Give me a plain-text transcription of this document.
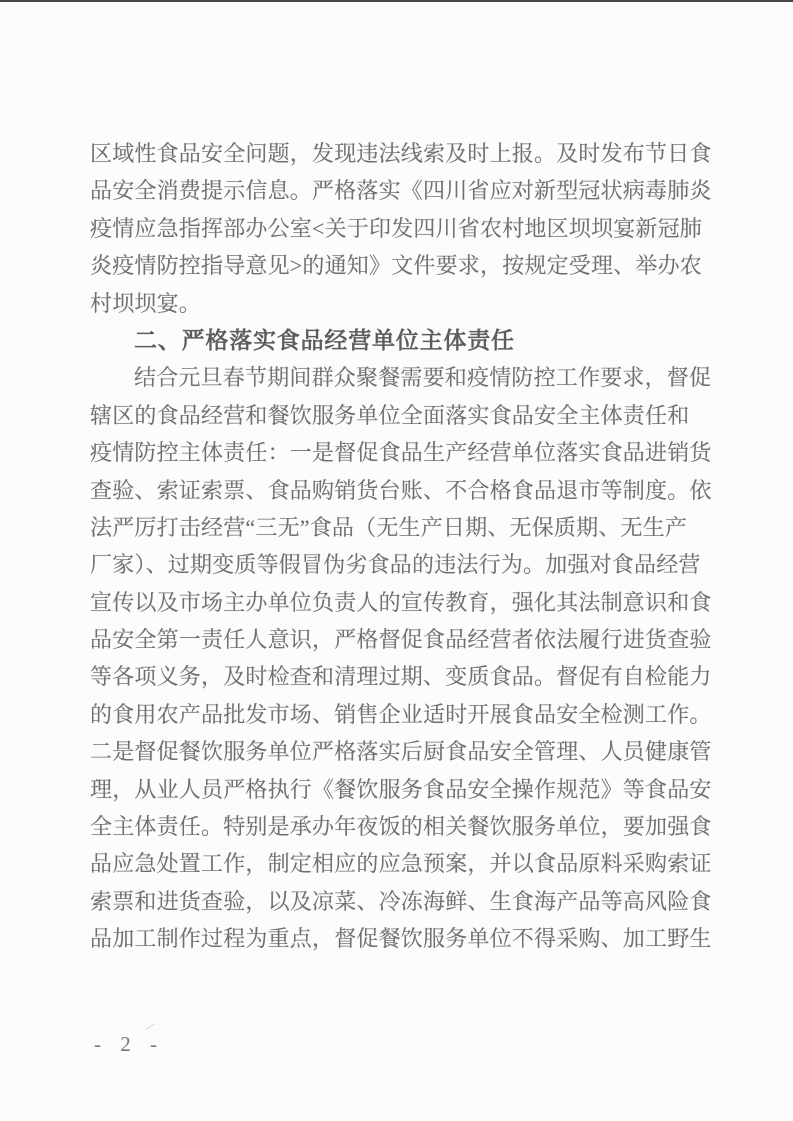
区域性食品安全问题，发现违法线索及时上报。及时发布节日食
品安全消费提示信息。严格落实《四川省应对新型冠状病毒肺炎
疫情应急指挥部办公室<关于印发四川省农村地区坝坝宴新冠肺
炎疫情防控指导意见>的通知》文件要求，按规定受理、举办农
村坝坝宴。
二、严格落实食品经营单位主体责任
结合元旦春节期间群众聚餐需要和疫情防控工作要求，督促
辖区的食品经营和餐饮服务单位全面落实食品安全主体责任和
疫情防控主体责任：一是督促食品生产经营单位落实食品进销货
查验、索证索票、食品购销货台账、不合格食品退市等制度。依
法严厉打击经营“三无”食品（无生产日期、无保质期、无生产
厂家）、过期变质等假冒伪劣食品的违法行为。加强对食品经营
宣传以及市场主办单位负责人的宣传教育，强化其法制意识和食
品安全第一责任人意识，严格督促食品经营者依法履行进货查验
等各项义务，及时检查和清理过期、变质食品。督促有自检能力
的食用农产品批发市场、销售企业适时开展食品安全检测工作。
二是督促餐饮服务单位严格落实后厨食品安全管理、人员健康管
理，从业人员严格执行《餐饮服务食品安全操作规范》等食品安
全主体责任。特别是承办年夜饭的相关餐饮服务单位，要加强食
品应急处置工作，制定相应的应急预案，并以食品原料采购索证
索票和进货查验，以及凉菜、冷冻海鲜、生食海产品等高风险食
品加工制作过程为重点，督促餐饮服务单位不得采购、加工野生
- 2 -
